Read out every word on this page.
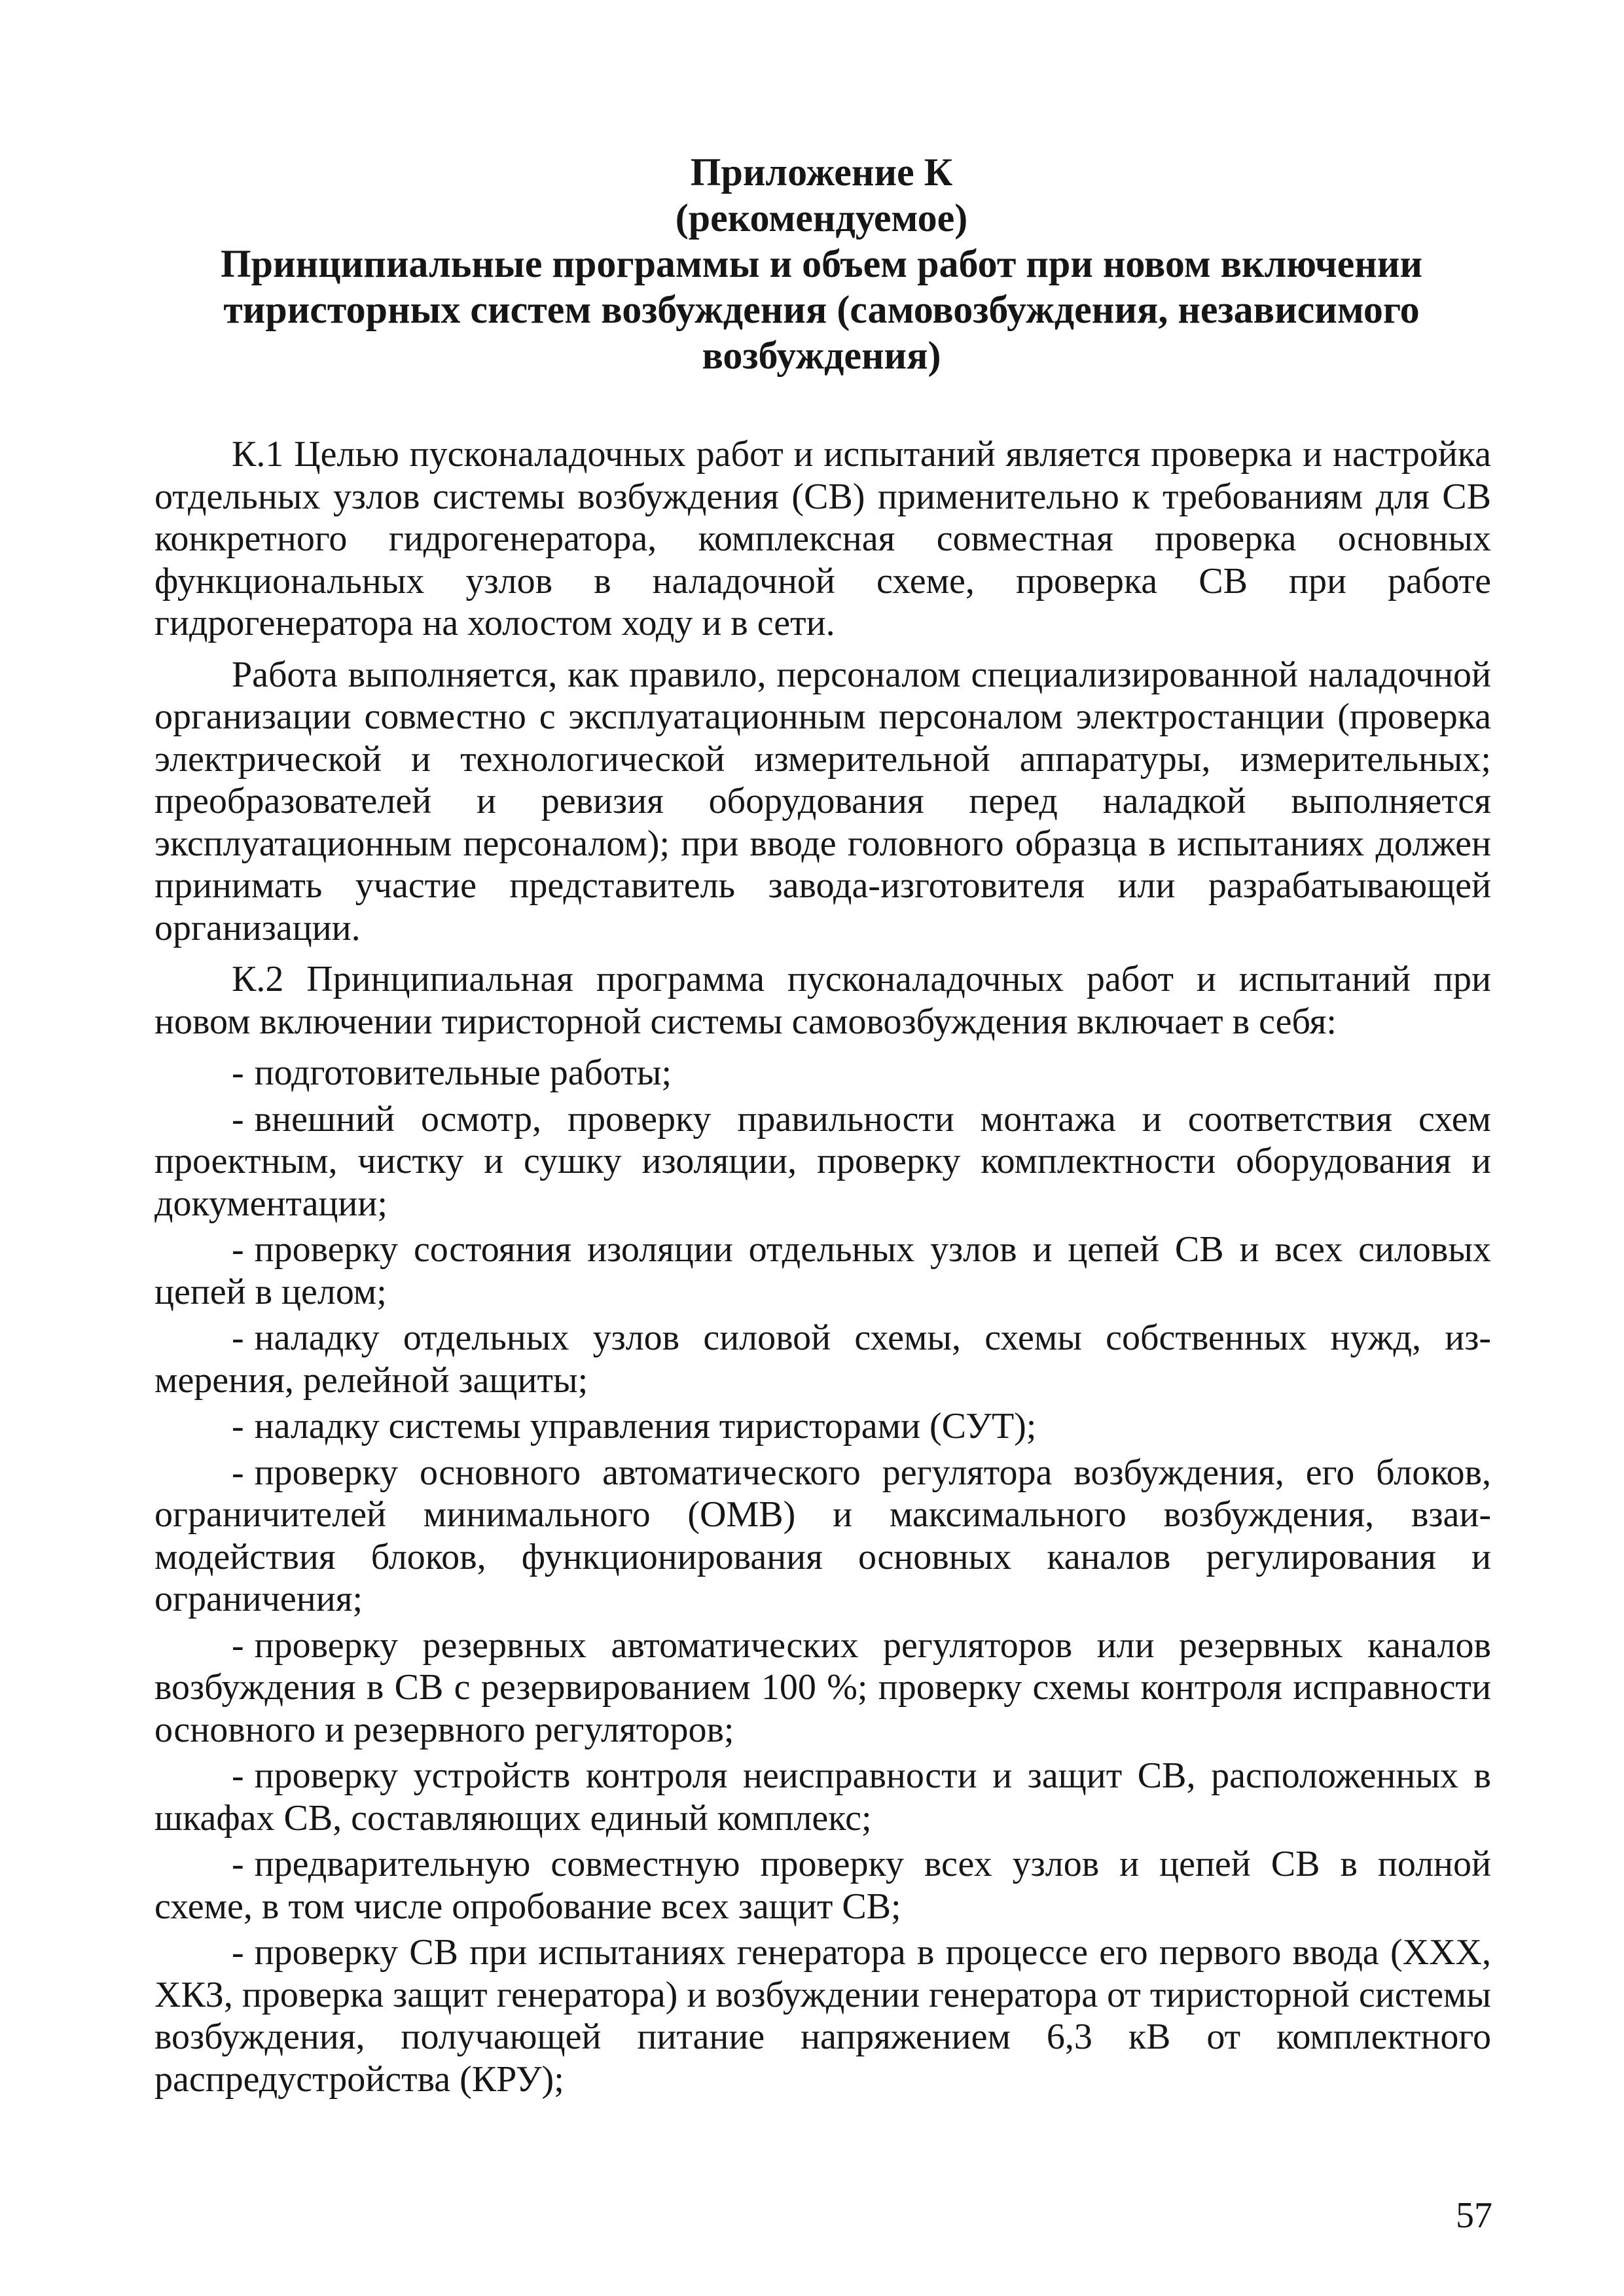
Приложение К
(рекомендуемое)
Принципиальные программы и объем работ при новом включении
тиристорных систем возбуждения (самовозбуждения, независимого
возбуждения)

К.1 Целью пусконаладочных работ и испытаний является проверка и настройка отдельных узлов системы возбуждения (СВ) применительно к требованиям для СВ конкретного гидрогенератора, комплексная совместная проверка основных функциональных узлов в наладочной схеме, проверка СВ при работе гидрогенератора на холостом ходу и в сети.

Работа выполняется, как правило, персоналом специализированной наладочной организации совместно с эксплуатационным персоналом электростанции (проверка электрической и технологической измерительной аппаратуры, измерительных; преобразователей и ревизия оборудования перед наладкой выполняется эксплуатационным персоналом); при вводе головного образца в испытаниях должен принимать участие представитель завода-изготовителя или разрабатывающей организации.

К.2 Принципиальная программа пусконаладочных работ и испытаний при новом включении тиристорной системы самовозбуждения включает в себя:

- подготовительные работы;
- внешний осмотр, проверку правильности монтажа и соответствия схем проектным, чистку и сушку изоляции, проверку комплектности оборудования и документации;
- проверку состояния изоляции отдельных узлов и цепей СВ и всех силовых цепей в целом;
- наладку отдельных узлов силовой схемы, схемы собственных нужд, измерения, релейной защиты;
- наладку системы управления тиристорами (СУТ);
- проверку основного автоматического регулятора возбуждения, его блоков, ограничителей минимального (ОМВ) и максимального возбуждения, взаимодействия блоков, функционирования основных каналов регулирования и ограничения;
- проверку резервных автоматических регуляторов или резервных каналов возбуждения в СВ с резервированием 100 %; проверку схемы контроля исправности основного и резервного регуляторов;
- проверку устройств контроля неисправности и защит СВ, расположенных в шкафах СВ, составляющих единый комплекс;
- предварительную совместную проверку всех узлов и цепей СВ в полной схеме, в том числе опробование всех защит СВ;
- проверку СВ при испытаниях генератора в процессе его первого ввода (ХХХ, ХКЗ, проверка защит генератора) и возбуждении генератора от тиристорной системы возбуждения, получающей питание напряжением 6,3 кВ от комплектного распредустройства (КРУ);
57
